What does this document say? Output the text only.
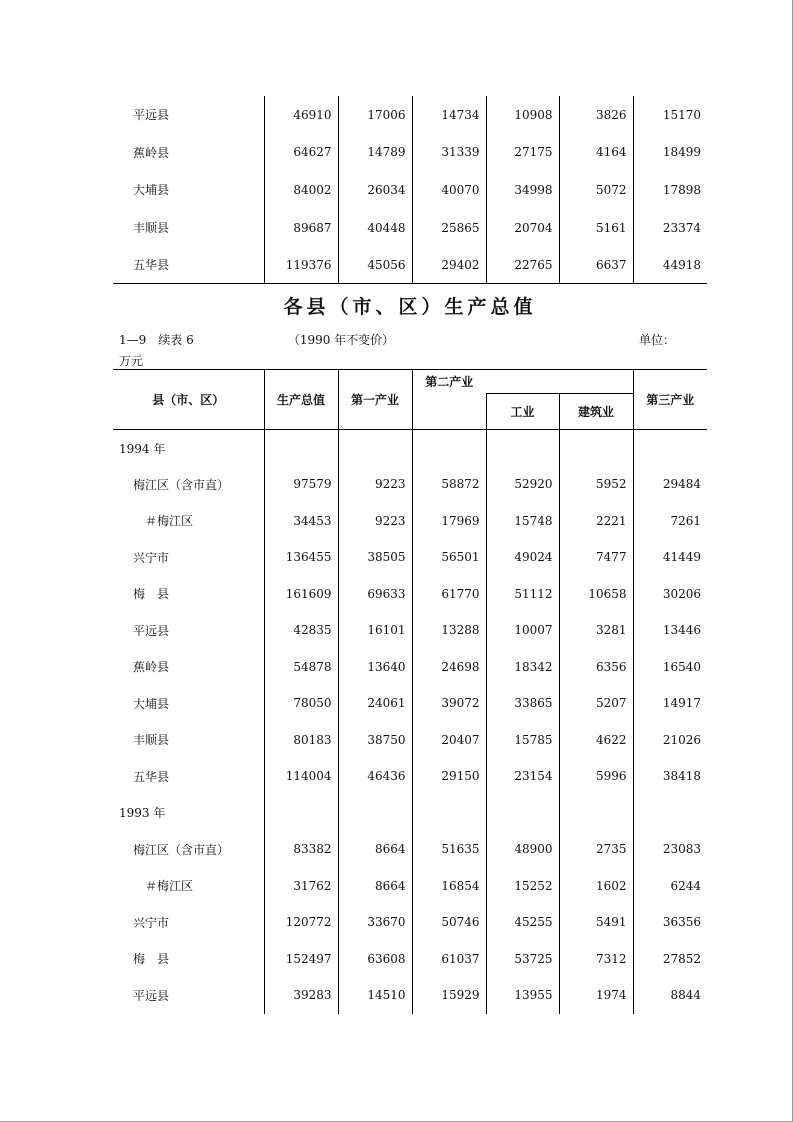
平远县	46910	17006	14734	10908	3826	15170
蕉岭县	64627	14789	31339	27175	4164	18499
大埔县	84002	26034	40070	34998	5072	17898
丰顺县	89687	40448	25865	20704	5161	23374
五华县	119376	45056	29402	22765	6637	44918
各县（市、区）生产总值
1—9　续表 6	（1990 年不变价）	单位：
万元
县（市、区）	生产总值	第一产业	第二产业			第三产业
				工业	建筑业	
1994 年						
梅江区（含市直）	97579	9223	58872	52920	5952	29484
＃梅江区	34453	9223	17969	15748	2221	7261
兴宁市	136455	38505	56501	49024	7477	41449
梅　县	161609	69633	61770	51112	10658	30206
平远县	42835	16101	13288	10007	3281	13446
蕉岭县	54878	13640	24698	18342	6356	16540
大埔县	78050	24061	39072	33865	5207	14917
丰顺县	80183	38750	20407	15785	4622	21026
五华县	114004	46436	29150	23154	5996	38418
1993 年						
梅江区（含市直）	83382	8664	51635	48900	2735	23083
＃梅江区	31762	8664	16854	15252	1602	6244
兴宁市	120772	33670	50746	45255	5491	36356
梅　县	152497	63608	61037	53725	7312	27852
平远县	39283	14510	15929	13955	1974	8844
